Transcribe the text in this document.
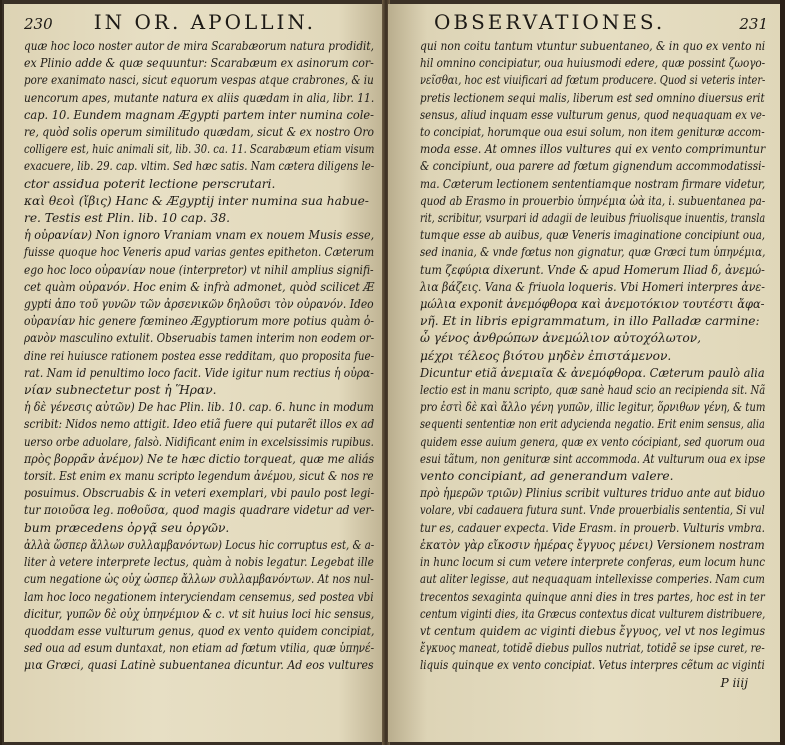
230 IN OR. APOLLIN.
quæ hoc loco noster autor de mira Scarabæorum natura prodidit,
ex Plinio adde & quæ sequuntur: Scarabæum ex asinorum cor-
pore exanimato nasci, sicut equorum vespas atque crabrones, & iu
uencorum apes, mutante natura ex aliis quædam in alia, libr. 11.
cap. 10. Eundem magnam Ægypti partem inter numina cole-
re, quòd solis operum similitudo quædam, sicut & ex nostro Oro
colligere est, huic animali sit, lib. 30. ca. 11. Scarabæum etiam visum
exacuere, lib. 29. cap. vltim. Sed hæc satis. Nam cætera diligens le-
ctor assidua poterit lectione perscrutari.
καὶ θεοὶ (ἴβις) Hanc & Ægyptij inter numina sua habue-
re. Testis est Plin. lib. 10 cap. 38.
ἡ οὐρανίαν) Non ignoro Vraniam vnam ex nouem Musis esse,
fuisse quoque hoc Veneris apud varias gentes epitheton. Cæterum
ego hoc loco οὐρανίαν noue (interpretor) vt nihil amplius signifi-
cet quàm οὐρανόν. Hoc enim & infrà admonet, quòd scilicet Æ
gypti ἀπο τοῦ γυνῶν τῶν ἀρσενικῶν δηλοῦσι τὸν οὐρανόν. Ideo
οὐρανίαν hic genere fœmineo Ægyptiorum more potius quàm ὁ-
ρανὸν masculino extulit. Obseruabis tamen interim non eodem or-
dine rei huiusce rationem postea esse redditam, quo proposita fue-
rat. Nam id penultimo loco facit. Vide igitur num rectius ἡ οὐρα-
νίαν subnectetur post ἡ Ἥραν.
ἡ δὲ γένεσις αὐτῶν) De hac Plin. lib. 10. cap. 6. hunc in modum
scribit: Nidos nemo attigit. Ideo etiã fuere qui putarẽt illos ex ad
uerso orbe aduolare, falsò. Nidificant enim in excelsissimis rupibus.
πρὸς βορρᾶν ἀνέμον) Ne te hæc dictio torqueat, quæ me aliás
torsit. Est enim ex manu scripto legendum ἀνέμου, sicut & nos re
posuimus. Obscruabis & in veteri exemplari, vbi paulo post legi-
tur ποιοῦσα leg. ποθοῦσα, quod magis quadrare videtur ad ver-
bum præcedens ὀργᾷ seu ὀργῶν.
ἀλλὰ ὥσπερ ἄλλων συλλαμβανόντων) Locus hic corruptus est, & a-
liter à vetere interprete lectus, quàm à nobis legatur. Legebat ille
cum negatione ὡς οὐχ ὡσπερ ἄλλων συλλαμβανόντων. At nos nul-
lam hoc loco negationem interyciendam censemus, sed postea vbi
dicitur, γυπῶν δὲ οὐχ ὑπηνέμιον & c. vt sit huius loci hic sensus,
quoddam esse vulturum genus, quod ex vento quidem concipiat,
sed oua ad esum duntaxat, non etiam ad fœtum vtilia, quæ ὑπηνέ-
μια Græci, quasi Latinè subuentanea dicuntur. Ad eos vultures
OBSERVATIONES.	231
qui non coitu tantum vtuntur subuentaneo, & in quo ex vento ni
hil omnino concipiatur, oua huiusmodi edere, quæ possint ζωογο-
νεῖσθαι, hoc est viuificari ad fœtum producere. Quod si veteris inter-
pretis lectionem sequi malis, liberum est sed omnino diuersus erit
sensus, aliud inquam esse vulturum genus, quod nequaquam ex ve-
to concipiat, horumque oua esui solum, non item genituræ accom-
moda esse. At omnes illos vultures qui ex vento comprimuntur
& concipiunt, oua parere ad fœtum gignendum accommodatissi-
ma. Cæterum lectionem sententiamque nostram firmare videtur,
quod ab Erasmo in prouerbio ὑπηνέμια ὠὰ ita, i. subuentanea pa-
rit, scribitur, vsurpari id adagii de leuibus friuolisque inuentis, transla
tumque esse ab auibus, quæ Veneris imaginatione concipiunt oua,
sed inania, & vnde fœtus non gignatur, quæ Græci tum ὑπηνέμια,
tum ζεφύρια dixerunt. Vnde & apud Homerum Iliad δ, ἀνεμώ-
λια βάζεις. Vana & friuola loqueris. Vbi Homeri interpres ἀνε-
μώλια exponit ἀνεμόφθορα καὶ ἀνεμοτόκιον τουτέστι ἄφα-
νῆ. Et in libris epigrammatum, in illo Palladæ carmine:
ὦ γένος ἀνθρώπων ἀνεμώλιον αὐτοχόλωτον,
μέχρι τέλεος βιότου μηδὲν ἐπιστάμενον.
Dicuntur etiã ἀνεμιαῖα & ἀνεμόφθορα. Cæterum paulò alia
lectio est in manu scripto, quæ sanè haud scio an recipienda sit. Nã
pro ἐστὶ δὲ καὶ ἄλλο γένη γυπῶν, illic legitur, ὅρνιθων γένη, & tum
sequenti sententiæ non erit adycienda negatio. Erit enim sensus, alia
quidem esse auium genera, quæ ex vento cócipiant, sed quorum oua
esui tãtum, non genituræ sint accommoda. At vulturum oua ex ipse
vento concipiant, ad generandum valere.
πρὸ ἡμερῶν τριῶν) Plinius scribit vultures triduo ante aut biduo
volare, vbi cadauera futura sunt. Vnde prouerbialis sententia, Si vul
tur es, cadauer expecta. Vide Erasm. in prouerb. Vulturis vmbra.
ἑκατὸν γὰρ εἴκοσιν ἡμέρας ἔγγυος μένει) Versionem nostram
in hunc locum si cum vetere interprete conferas, eum locum hunc
aut aliter legisse, aut nequaquam intellexisse comperies. Nam cum
trecentos sexaginta quinque anni dies in tres partes, hoc est in ter
centum viginti dies, ita Græcus contextus dicat vulturem distribuere,
vt centum quidem ac viginti diebus ἔγγυος, vel vt nos legimus
ἔγκυος maneat, totidẽ diebus pullos nutriat, totidẽ se ipse curet, re-
liquis quinque ex vento concipiat. Vetus interpres cẽtum ac viginti
P iiij
